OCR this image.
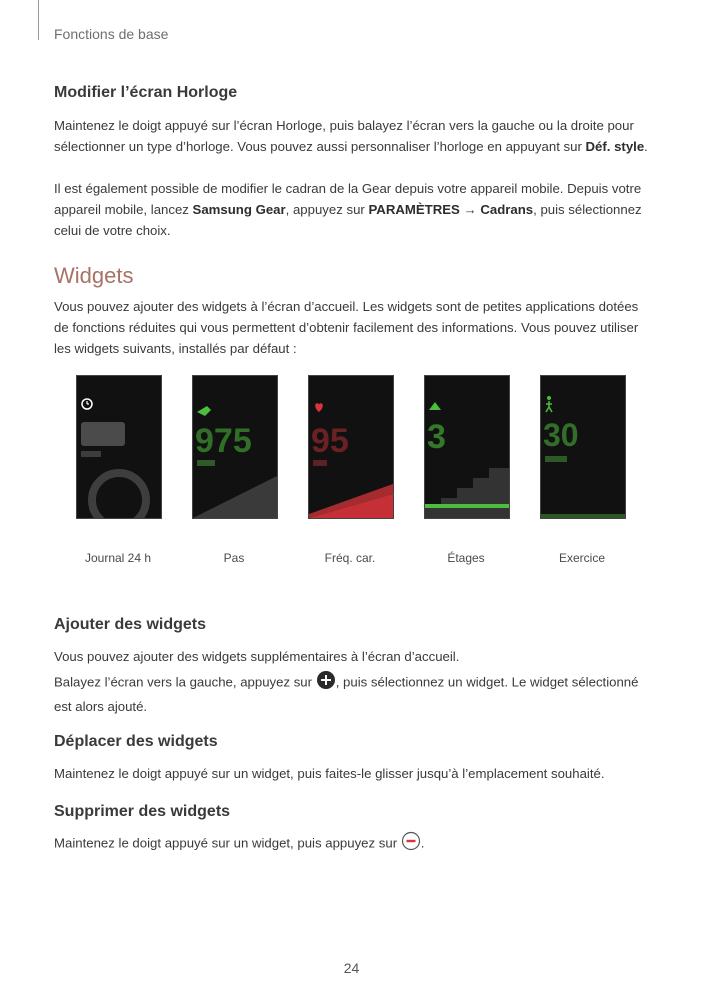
Fonctions de base
Modifier l’écran Horloge

Maintenez le doigt appuyé sur l’écran Horloge, puis balayez l’écran vers la gauche ou la droite pour sélectionner un type d’horloge. Vous pouvez aussi personnaliser l’horloge en appuyant sur Déf. style.

Il est également possible de modifier le cadran de la Gear depuis votre appareil mobile. Depuis votre appareil mobile, lancez Samsung Gear, appuyez sur PARAMÈTRES → Cadrans, puis sélectionnez celui de votre choix.

Widgets

Vous pouvez ajouter des widgets à l’écran d’accueil. Les widgets sont de petites applications dotées de fonctions réduites qui vous permettent d’obtenir facilement des informations. Vous pouvez utiliser les widgets suivants, installés par défaut :

Journal 24 h
975
Pas
95
Fréq. car.
3
Étages
30
Exercice
Ajouter des widgets

Vous pouvez ajouter des widgets supplémentaires à l’écran d’accueil.

Balayez l’écran vers la gauche, appuyez sur , puis sélectionnez un widget. Le widget sélectionné est alors ajouté.

Déplacer des widgets

Maintenez le doigt appuyé sur un widget, puis faites-le glisser jusqu’à l’emplacement souhaité.

Supprimer des widgets

Maintenez le doigt appuyé sur un widget, puis appuyez sur .

24
